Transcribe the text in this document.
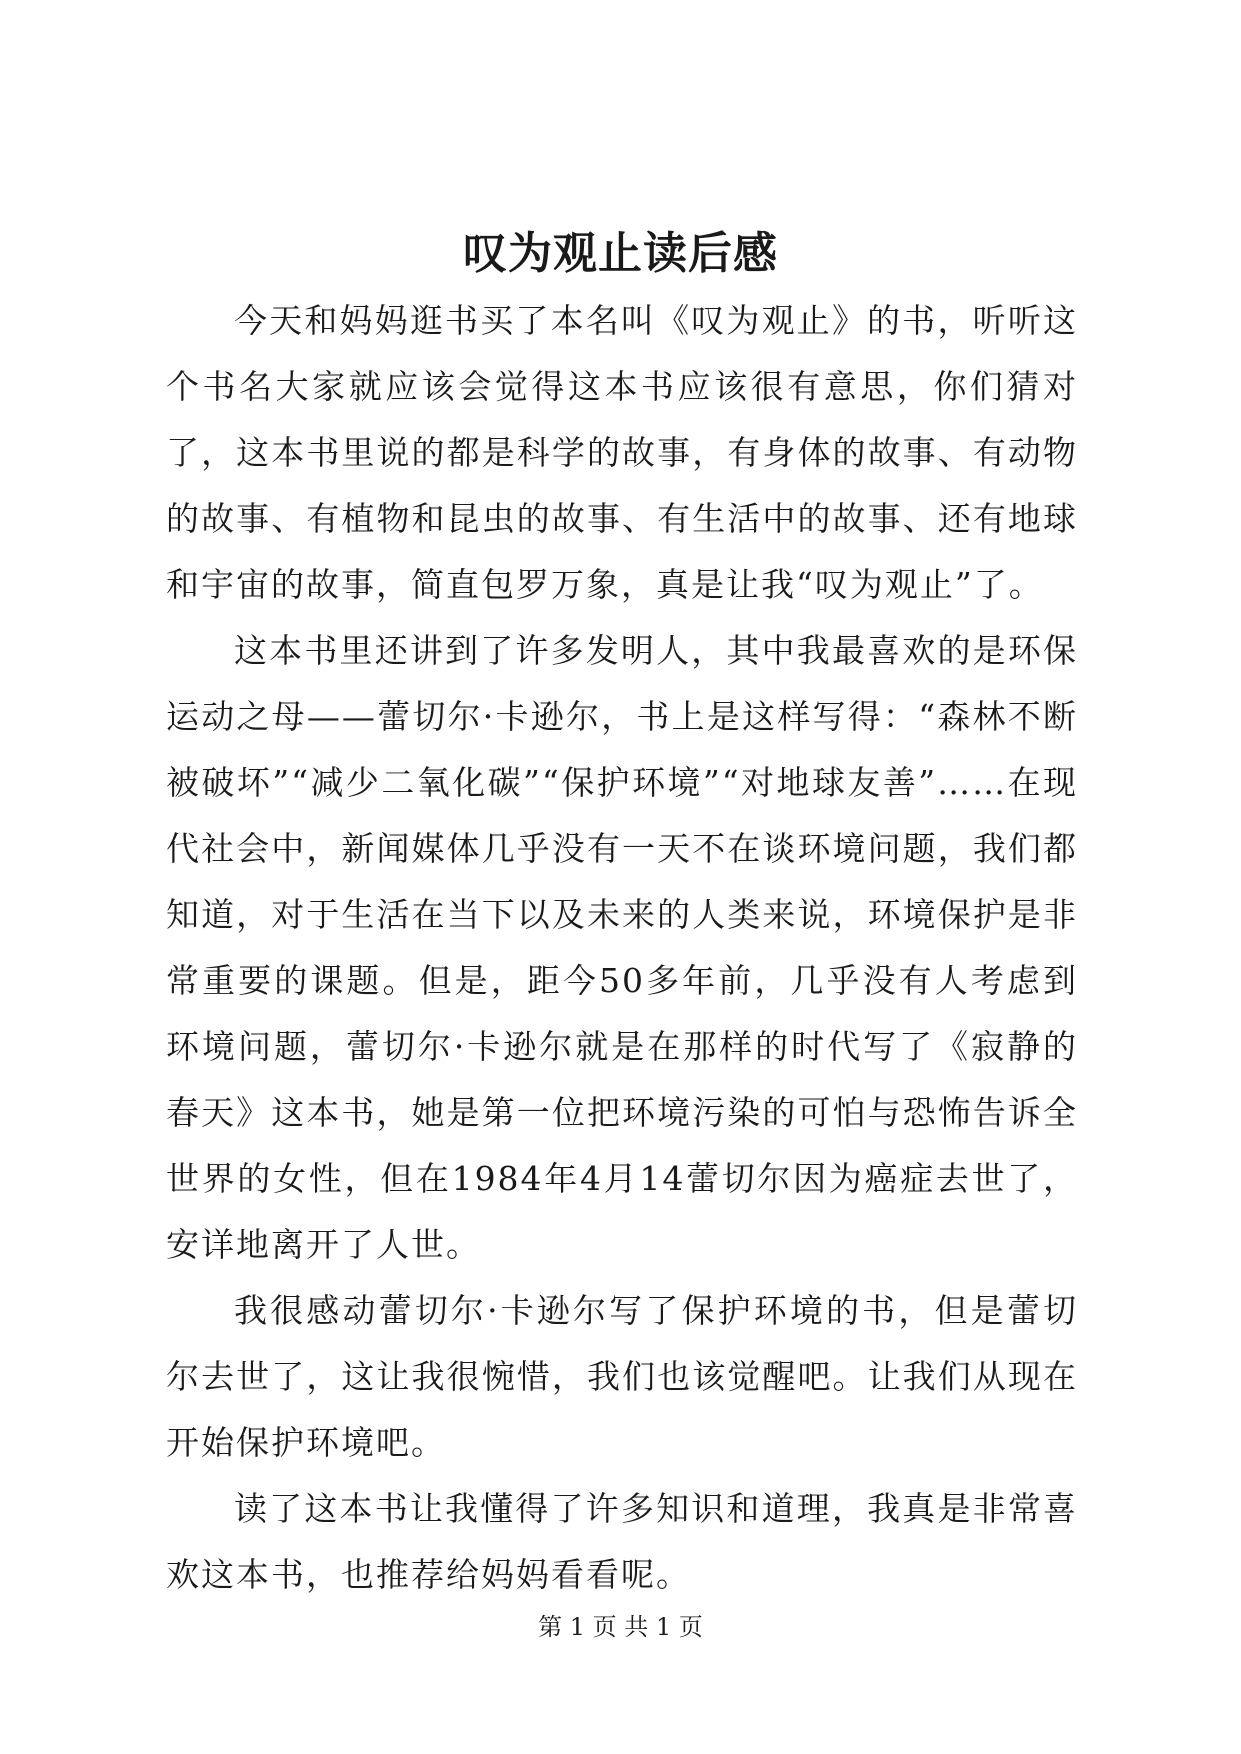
叹为观止读后感

今天和妈妈逛书买了本名叫《叹为观止》的书，听听这个书名大家就应该会觉得这本书应该很有意思，你们猜对了，这本书里说的都是科学的故事，有身体的故事、有动物的故事、有植物和昆虫的故事、有生活中的故事、还有地球和宇宙的故事，简直包罗万象，真是让我“叹为观止”了。

这本书里还讲到了许多发明人，其中我最喜欢的是环保运动之母——蕾切尔·卡逊尔，书上是这样写得：“森林不断被破坏”“减少二氧化碳”“保护环境”“对地球友善”……在现代社会中，新闻媒体几乎没有一天不在谈环境问题，我们都知道，对于生活在当下以及未来的人类来说，环境保护是非常重要的课题。但是，距今50多年前，几乎没有人考虑到环境问题，蕾切尔·卡逊尔就是在那样的时代写了《寂静的春天》这本书，她是第一位把环境污染的可怕与恐怖告诉全世界的女性，但在1984年4月14蕾切尔因为癌症去世了，安详地离开了人世。

我很感动蕾切尔·卡逊尔写了保护环境的书，但是蕾切尔去世了，这让我很惋惜，我们也该觉醒吧。让我们从现在开始保护环境吧。

读了这本书让我懂得了许多知识和道理，我真是非常喜欢这本书，也推荐给妈妈看看呢。

第 1 页 共 1 页
